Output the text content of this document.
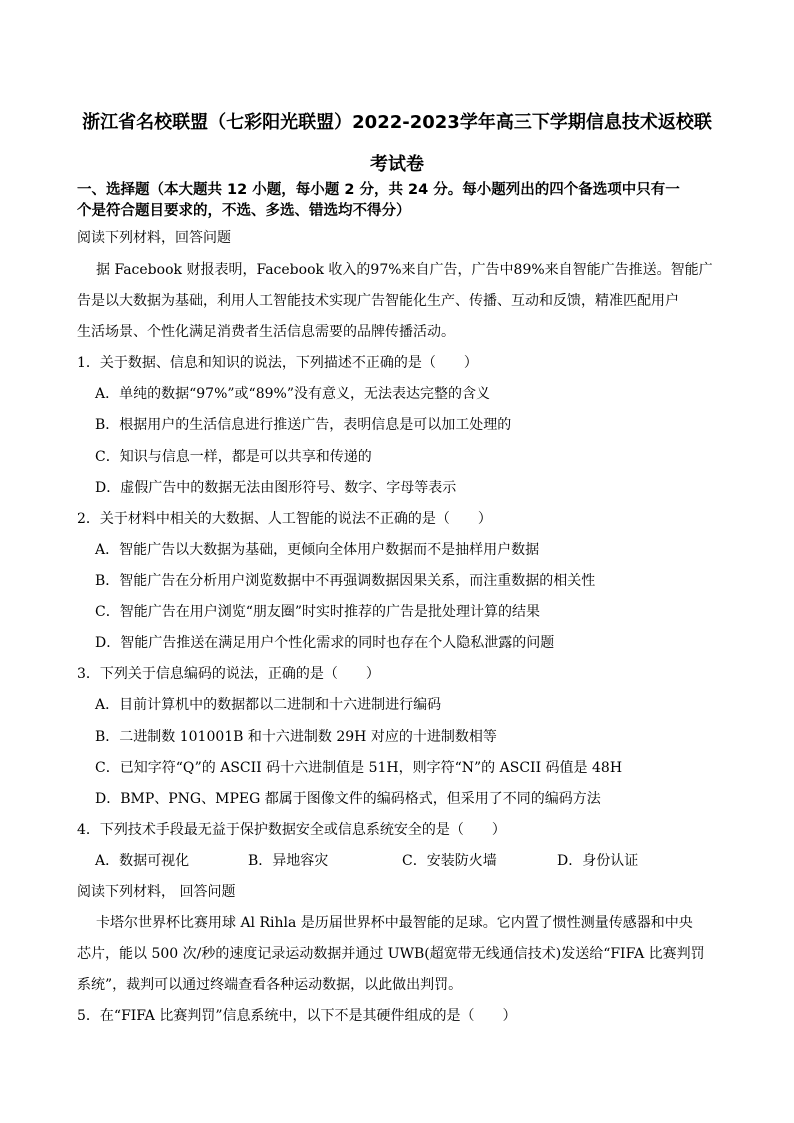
浙江省名校联盟（七彩阳光联盟）2022-2023学年高三下学期信息技术返校联
考试卷
一、选择题（本大题共 12 小题，每小题 2 分，共 24 分。每小题列出的四个备选项中只有一
个是符合题目要求的，不选、多选、错选均不得分）
阅读下列材料，回答问题
据 Facebook 财报表明，Facebook 收入的97%来自广告，广告中89%来自智能广告推送。智能广
告是以大数据为基础，利用人工智能技术实现广告智能化生产、传播、互动和反馈，精准匹配用户
生活场景、个性化满足消费者生活信息需要的品牌传播活动。
1．关于数据、信息和知识的说法，下列描述不正确的是（　　）
A．单纯的数据“97%”或“89%”没有意义，无法表达完整的含义
B．根据用户的生活信息进行推送广告，表明信息是可以加工处理的
C．知识与信息一样，都是可以共享和传递的
D．虚假广告中的数据无法由图形符号、数字、字母等表示
2．关于材料中相关的大数据、人工智能的说法不正确的是（　　）
A．智能广告以大数据为基础，更倾向全体用户数据而不是抽样用户数据
B．智能广告在分析用户浏览数据中不再强调数据因果关系，而注重数据的相关性
C．智能广告在用户浏览“朋友圈”时实时推荐的广告是批处理计算的结果
D．智能广告推送在满足用户个性化需求的同时也存在个人隐私泄露的问题
3．下列关于信息编码的说法，正确的是（　　）
A．目前计算机中的数据都以二进制和十六进制进行编码
B．二进制数 101001B 和十六进制数 29H 对应的十进制数相等
C．已知字符“Q”的 ASCII 码十六进制值是 51H，则字符“N”的 ASCII 码值是 48H
D．BMP、PNG、MPEG 都属于图像文件的编码格式，但采用了不同的编码方法
4．下列技术手段最无益于保护数据安全或信息系统安全的是（　　）
A．数据可视化	B．异地容灾	C．安装防火墙	D．身份认证
阅读下列材料， 回答问题
卡塔尔世界杯比赛用球 Al Rihla 是历届世界杯中最智能的足球。它内置了惯性测量传感器和中央
芯片，能以 500 次/秒的速度记录运动数据并通过 UWB(超宽带无线通信技术)发送给“FIFA 比赛判罚
系统”，裁判可以通过终端查看各种运动数据，以此做出判罚。
5．在“FIFA 比赛判罚”信息系统中，以下不是其硬件组成的是（　　）
